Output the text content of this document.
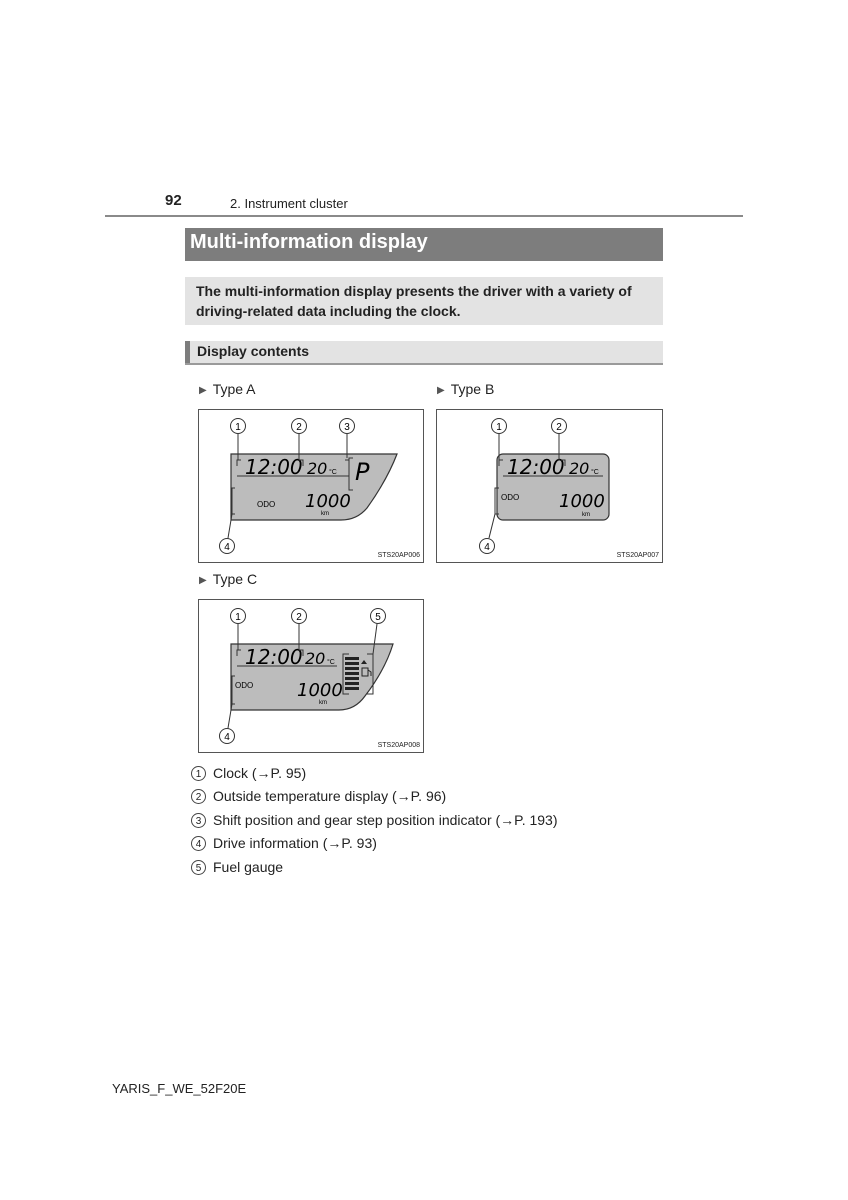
92	2. Instrument cluster
Multi-information display
The multi-information display presents the driver with a variety of driving-related data including the clock.
Display contents
▶ Type A	▶ Type B
▶ Type C
12:00 20 °C P
ODO 1000
km
1	2	3
4
STS20AP006
12:00 20 °C
ODO 1000
km
1	2
4
STS20AP007
12:00 20 °C
ODO 1000
km
1	2	5
4
STS20AP008
1 Clock (→P. 95)
2 Outside temperature display (→P. 96)
3 Shift position and gear step position indicator (→P. 193)
4 Drive information (→P. 93)
5 Fuel gauge
YARIS_F_WE_52F20E
